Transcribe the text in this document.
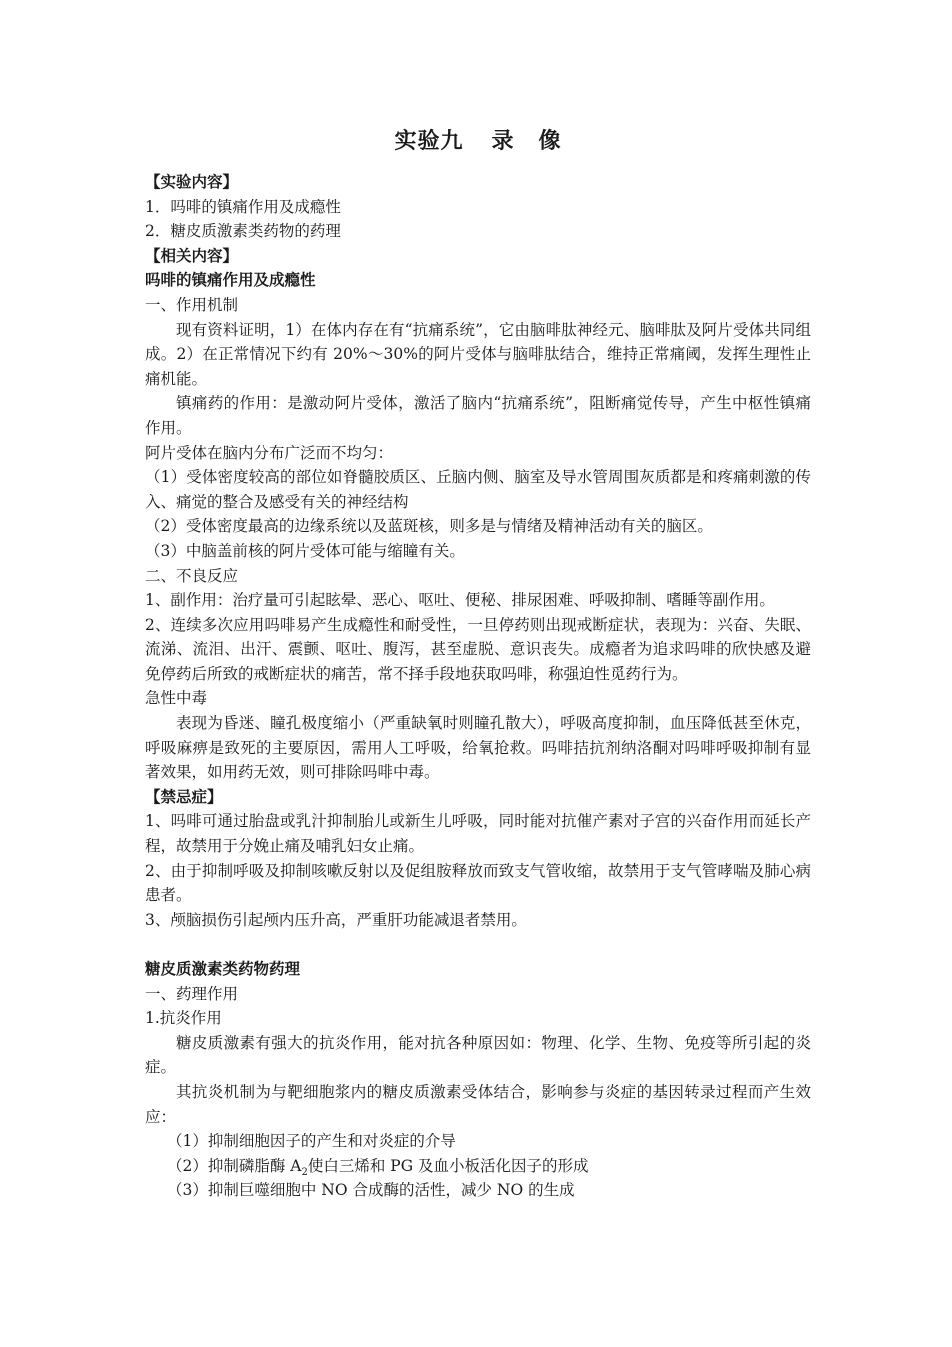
实验九 录 像

【实验内容】

1．吗啡的镇痛作用及成瘾性

2．糖皮质激素类药物的药理

【相关内容】

吗啡的镇痛作用及成瘾性

一、作用机制

现有资料证明，1）在体内存在有“抗痛系统”，它由脑啡肽神经元、脑啡肽及阿片受体共同组成。2）在正常情况下约有 20%～30%的阿片受体与脑啡肽结合，维持正常痛阈，发挥生理性止痛机能。

镇痛药的作用：是激动阿片受体，激活了脑内“抗痛系统”，阻断痛觉传导，产生中枢性镇痛作用。

阿片受体在脑内分布广泛而不均匀：

（1）受体密度较高的部位如脊髓胶质区、丘脑内侧、脑室及导水管周围灰质都是和疼痛刺激的传入、痛觉的整合及感受有关的神经结构

（2）受体密度最高的边缘系统以及蓝斑核，则多是与情绪及精神活动有关的脑区。

（3）中脑盖前核的阿片受体可能与缩瞳有关。

二、不良反应

1、副作用：治疗量可引起眩晕、恶心、呕吐、便秘、排尿困难、呼吸抑制、嗜睡等副作用。

2、连续多次应用吗啡易产生成瘾性和耐受性，一旦停药则出现戒断症状，表现为：兴奋、失眠、流涕、流泪、出汗、震颤、呕吐、腹泻，甚至虚脱、意识丧失。成瘾者为追求吗啡的欣快感及避免停药后所致的戒断症状的痛苦，常不择手段地获取吗啡，称强迫性觅药行为。

急性中毒

表现为昏迷、瞳孔极度缩小（严重缺氧时则瞳孔散大），呼吸高度抑制，血压降低甚至休克，呼吸麻痹是致死的主要原因，需用人工呼吸，给氧抢救。吗啡拮抗剂纳洛酮对吗啡呼吸抑制有显著效果，如用药无效，则可排除吗啡中毒。

【禁忌症】

1、吗啡可通过胎盘或乳汁抑制胎儿或新生儿呼吸，同时能对抗催产素对子宫的兴奋作用而延长产程，故禁用于分娩止痛及哺乳妇女止痛。

2、由于抑制呼吸及抑制咳嗽反射以及促组胺释放而致支气管收缩，故禁用于支气管哮喘及肺心病患者。

3、颅脑损伤引起颅内压升高，严重肝功能减退者禁用。

糖皮质激素类药物药理

一、药理作用

1.抗炎作用

糖皮质激素有强大的抗炎作用，能对抗各种原因如：物理、化学、生物、免疫等所引起的炎症。

其抗炎机制为与靶细胞浆内的糖皮质激素受体结合，影响参与炎症的基因转录过程而产生效应：

（1）抑制细胞因子的产生和对炎症的介导

（2）抑制磷脂酶 $A_2$使白三烯和 PG 及血小板活化因子的形成

（3）抑制巨噬细胞中 NO 合成酶的活性，减少 NO 的生成
